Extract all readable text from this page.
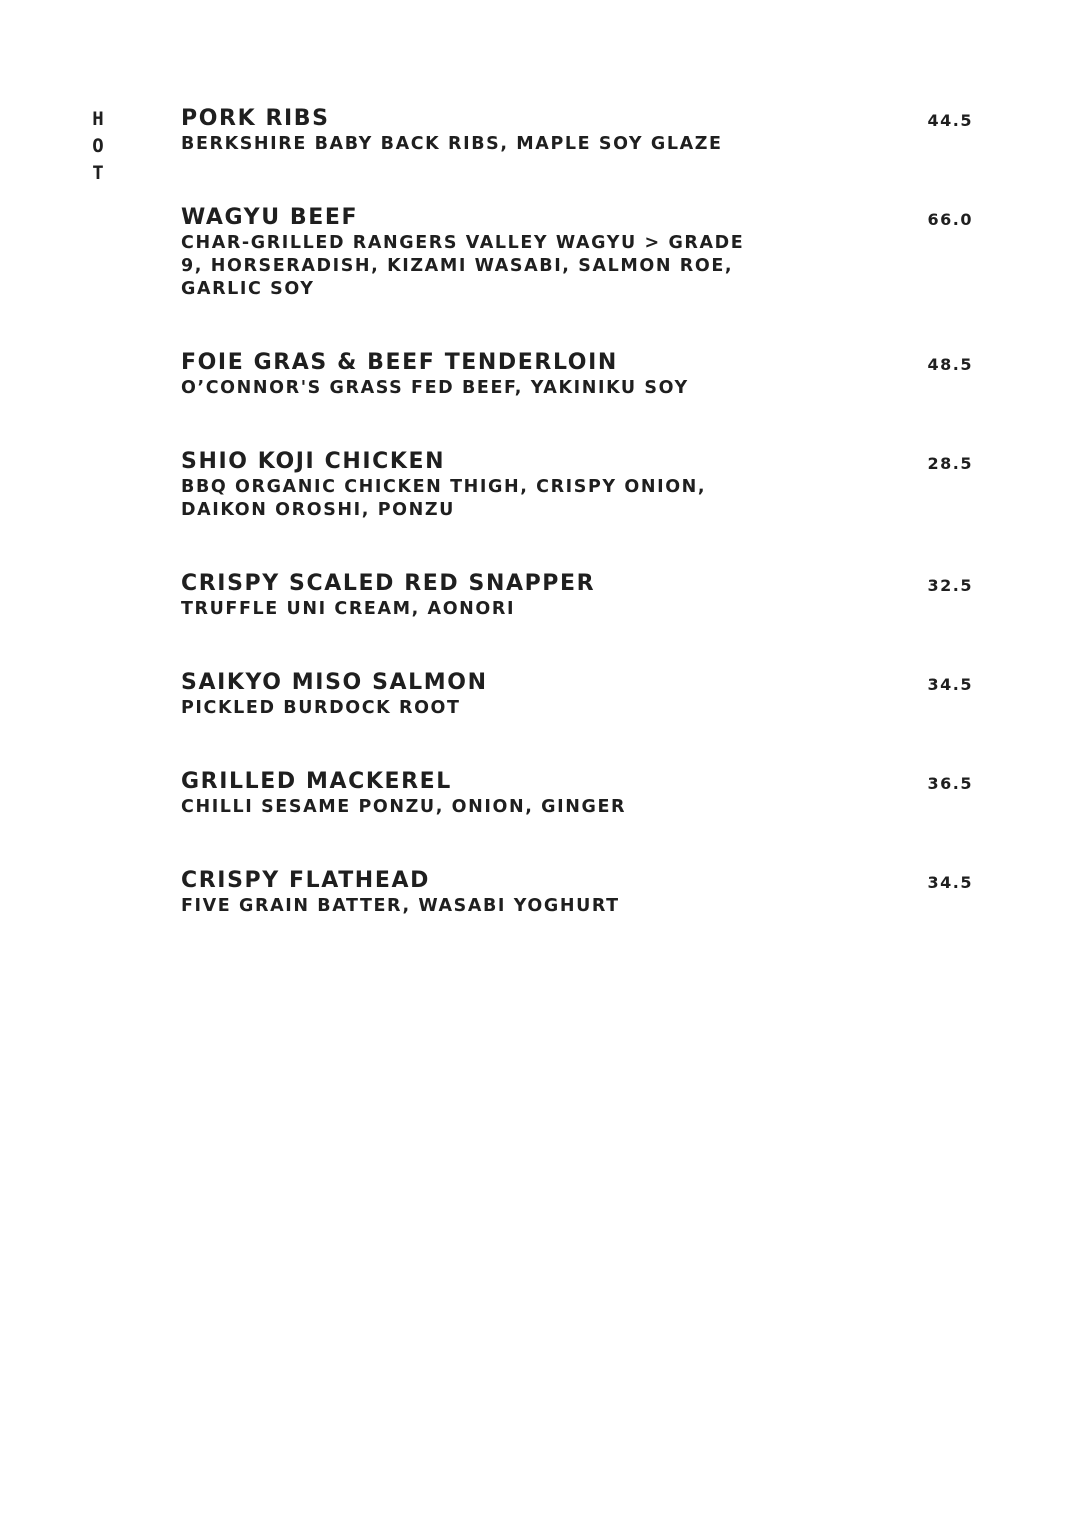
H
O
T
PORK RIBS
BERKSHIRE BABY BACK RIBS, MAPLE SOY GLAZE
44.5
WAGYU BEEF
CHAR-GRILLED RANGERS VALLEY WAGYU > GRADE 9, HORSERADISH, KIZAMI WASABI, SALMON ROE, GARLIC SOY
66.0
FOIE GRAS & BEEF TENDERLOIN
O’CONNOR'S GRASS FED BEEF, YAKINIKU SOY
48.5
SHIO KOJI CHICKEN
BBQ ORGANIC CHICKEN THIGH, CRISPY ONION, DAIKON OROSHI, PONZU
28.5
CRISPY SCALED RED SNAPPER
TRUFFLE UNI CREAM, AONORI
32.5
SAIKYO MISO SALMON
PICKLED BURDOCK ROOT
34.5
GRILLED MACKEREL
CHILLI SESAME PONZU, ONION, GINGER
36.5
CRISPY FLATHEAD
FIVE GRAIN BATTER, WASABI YOGHURT
34.5
